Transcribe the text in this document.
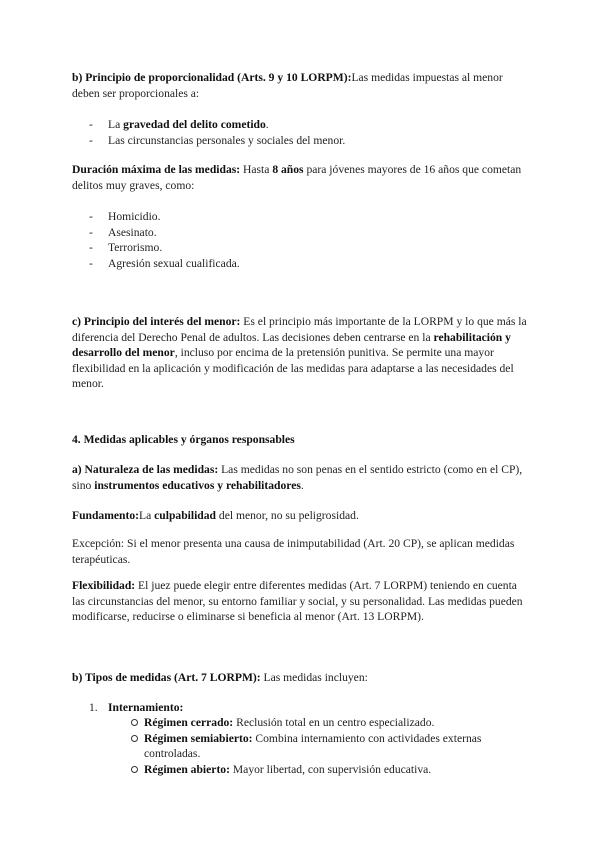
b) Principio de proporcionalidad (Arts. 9 y 10 LORPM):Las medidas impuestas al menor deben ser proporcionales a:

- La gravedad del delito cometido.
- Las circunstancias personales y sociales del menor.

Duración máxima de las medidas: Hasta 8 años para jóvenes mayores de 16 años que cometan delitos muy graves, como:

- Homicidio.
- Asesinato.
- Terrorismo.
- Agresión sexual cualificada.

c) Principio del interés del menor: Es el principio más importante de la LORPM y lo que más la diferencia del Derecho Penal de adultos. Las decisiones deben centrarse en la rehabilitación y desarrollo del menor, incluso por encima de la pretensión punitiva. Se permite una mayor flexibilidad en la aplicación y modificación de las medidas para adaptarse a las necesidades del menor.

4. Medidas aplicables y órganos responsables

a) Naturaleza de las medidas: Las medidas no son penas en el sentido estricto (como en el CP), sino instrumentos educativos y rehabilitadores.

Fundamento:La culpabilidad del menor, no su peligrosidad.

Excepción: Si el menor presenta una causa de inimputabilidad (Art. 20 CP), se aplican medidas terapéuticas.

Flexibilidad: El juez puede elegir entre diferentes medidas (Art. 7 LORPM) teniendo en cuenta las circunstancias del menor, su entorno familiar y social, y su personalidad. Las medidas pueden modificarse, reducirse o eliminarse si beneficia al menor (Art. 13 LORPM).

b) Tipos de medidas (Art. 7 LORPM): Las medidas incluyen:

1. Internamiento:
Régimen cerrado: Reclusión total en un centro especializado.
Régimen semiabierto: Combina internamiento con actividades externas controladas.
Régimen abierto: Mayor libertad, con supervisión educativa.
